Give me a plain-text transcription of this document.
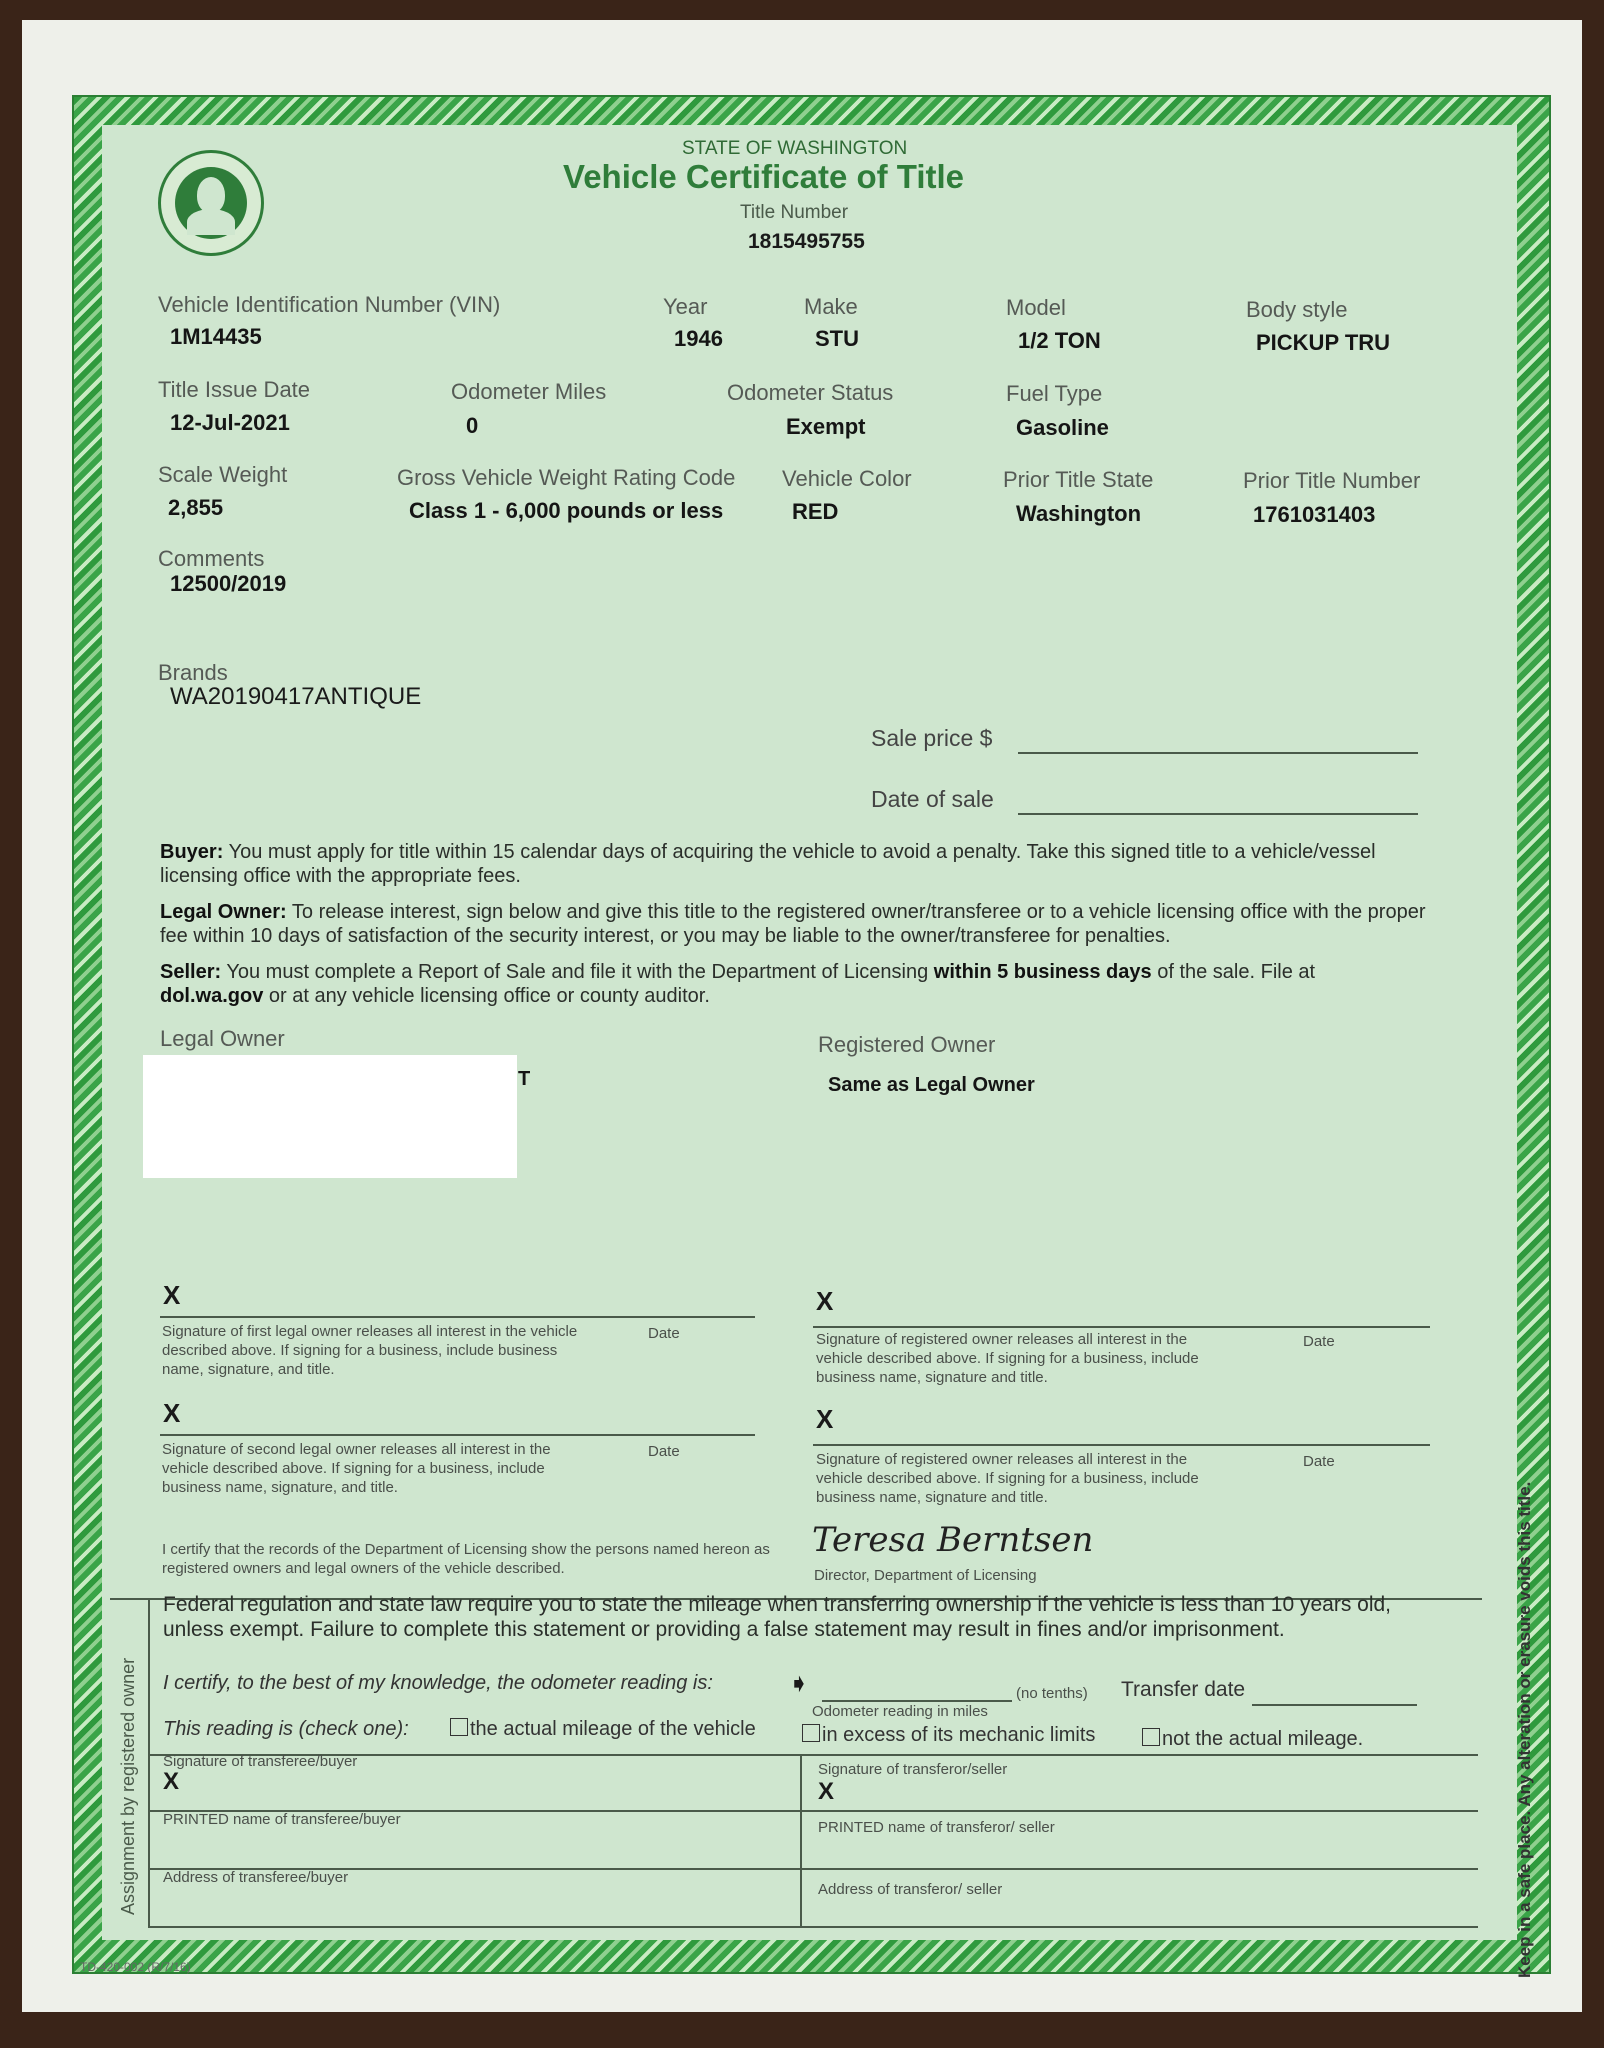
STATE OF WASHINGTON
Vehicle Certificate of Title
Title Number
1815495755
Vehicle Identification Number (VIN)
1M14435
Year
1946
Make
STU
Model
1/2 TON
Body style
PICKUP TRU
Title Issue Date
12-Jul-2021
Odometer Miles
0
Odometer Status
Exempt
Fuel Type
Gasoline
Scale Weight
2,855
Gross Vehicle Weight Rating Code
Class 1 - 6,000 pounds or less
Vehicle Color
RED
Prior Title State
Washington
Prior Title Number
1761031403
Comments
12500/2019
Brands
WA20190417ANTIQUE
Sale price $
Date of sale
Buyer: You must apply for title within 15 calendar days of acquiring the vehicle to avoid a penalty. Take this signed title to a vehicle/vessel licensing office with the appropriate fees.
Legal Owner: To release interest, sign below and give this title to the registered owner/transferee or to a vehicle licensing office with the proper fee within 10 days of satisfaction of the security interest, or you may be liable to the owner/transferee for penalties.
Seller: You must complete a Report of Sale and file it with the Department of Licensing within 5 business days of the sale. File at dol.wa.gov or at any vehicle licensing office or county auditor.
Legal Owner
T
Registered Owner
Same as Legal Owner
X
Signature of first legal owner releases all interest in the vehicle described above. If signing for a business, include business name, signature, and title.
Date
X
Signature of registered owner releases all interest in the vehicle described above. If signing for a business, include business name, signature and title.
Date
X
Signature of second legal owner releases all interest in the vehicle described above. If signing for a business, include business name, signature, and title.
Date
X
Signature of registered owner releases all interest in the vehicle described above. If signing for a business, include business name, signature and title.
Date
I certify that the records of the Department of Licensing show the persons named hereon as registered owners and legal owners of the vehicle described.
Teresa Berntsen
Director, Department of Licensing
Assignment by registered owner
Federal regulation and state law require you to state the mileage when transferring ownership if the vehicle is less than 10 years old, unless exempt. Failure to complete this statement or providing a false statement may result in fines and/or imprisonment.
I certify, to the best of my knowledge, the odometer reading is:	➧	(no tenths)
Odometer reading in miles
Transfer date
This reading is (check one):	the actual mileage of the vehicle	in excess of its mechanic limits	not the actual mileage.
Signature of transferee/buyer
X	Signature of transferor/seller
X
PRINTED name of transferee/buyer	PRINTED name of transferor/ seller
Address of transferee/buyer
Address of transferor/ seller
TD-420-002 (R/7/16)	Keep in a safe place. Any alteration or erasure voids this title.
